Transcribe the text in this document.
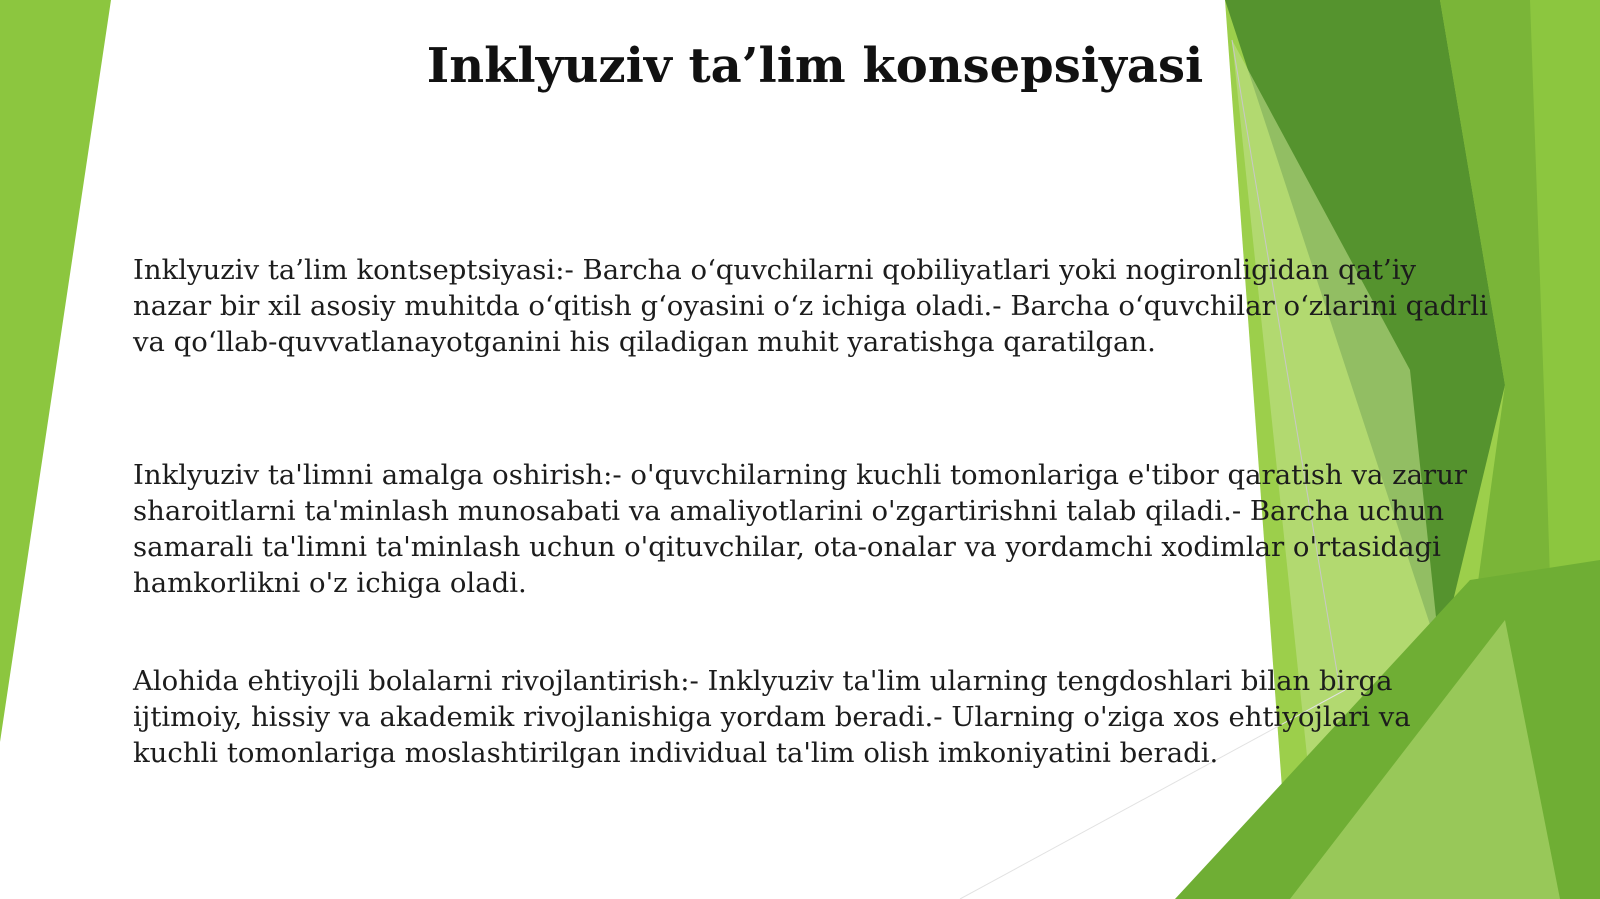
Inklyuziv ta’lim konsepsiyasi

Inklyuziv ta’lim kontseptsiyasi:- Barcha o‘quvchilarni qobiliyatlari yoki nogironligidan qat’iy nazar bir xil asosiy muhitda o‘qitish g‘oyasini o‘z ichiga oladi.- Barcha o‘quvchilar o‘zlarini qadrli va qo‘llab-quvvatlanayotganini his qiladigan muhit yaratishga qaratilgan.

Inklyuziv ta'limni amalga oshirish:- o'quvchilarning kuchli tomonlariga e'tibor qaratish va zarur sharoitlarni ta'minlash munosabati va amaliyotlarini o'zgartirishni talab qiladi.- Barcha uchun samarali ta'limni ta'minlash uchun o'qituvchilar, ota-onalar va yordamchi xodimlar o'rtasidagi hamkorlikni o'z ichiga oladi.

Alohida ehtiyojli bolalarni rivojlantirish:- Inklyuziv ta'lim ularning tengdoshlari bilan birga ijtimoiy, hissiy va akademik rivojlanishiga yordam beradi.- Ularning o'ziga xos ehtiyojlari va kuchli tomonlariga moslashtirilgan individual ta'lim olish imkoniyatini beradi.
